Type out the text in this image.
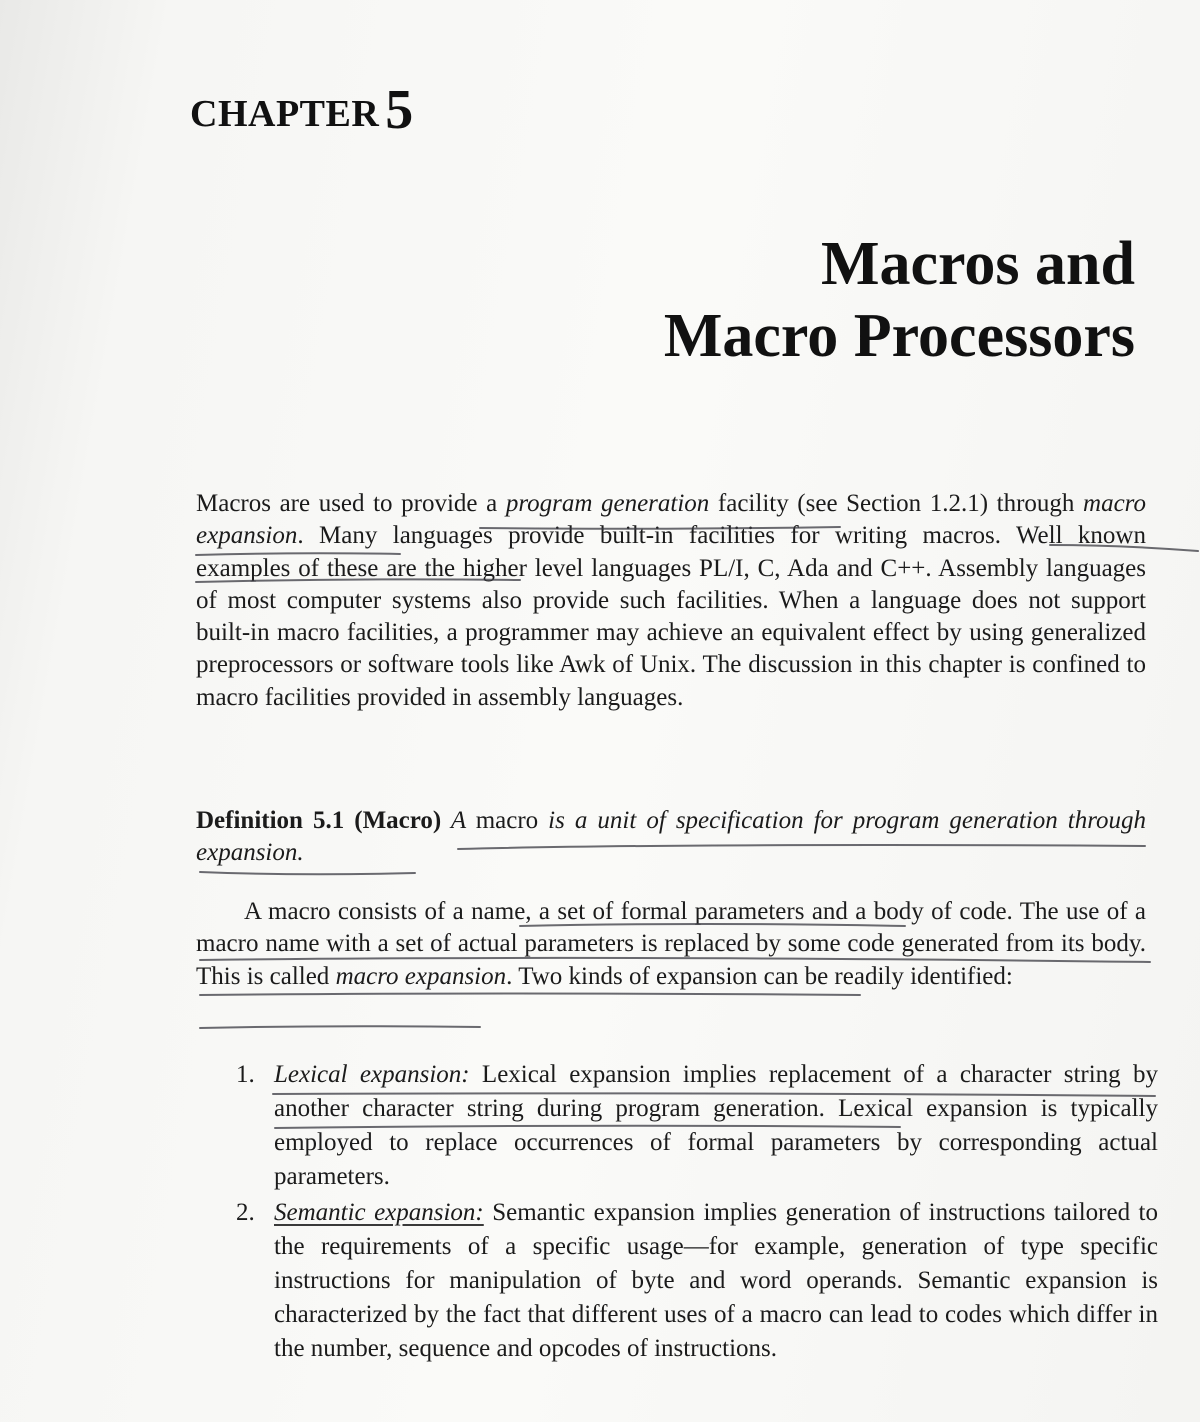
CHAPTER 5
Macros and
Macro Processors
Macros are used to provide a program generation facility (see Section 1.2.1) through macro expansion. Many languages provide built-in facilities for writing macros. Well known examples of these are the higher level languages PL/I, C, Ada and C++. Assembly languages of most computer systems also provide such facilities. When a language does not support built-in macro facilities, a programmer may achieve an equivalent effect by using generalized preprocessors or software tools like Awk of Unix. The discussion in this chapter is confined to macro facilities provided in assembly languages.
Definition 5.1 (Macro) A macro is a unit of specification for program generation through expansion.
A macro consists of a name, a set of formal parameters and a body of code. The use of a macro name with a set of actual parameters is replaced by some code generated from its body. This is called macro expansion. Two kinds of expansion can be readily identified:
1. Lexical expansion: Lexical expansion implies replacement of a character string by another character string during program generation. Lexical expansion is typically employed to replace occurrences of formal parameters by corresponding actual parameters.
2. Semantic expansion: Semantic expansion implies generation of instructions tailored to the requirements of a specific usage—for example, generation of type specific instructions for manipulation of byte and word operands. Semantic expansion is characterized by the fact that different uses of a macro can lead to codes which differ in the number, sequence and opcodes of instructions.
